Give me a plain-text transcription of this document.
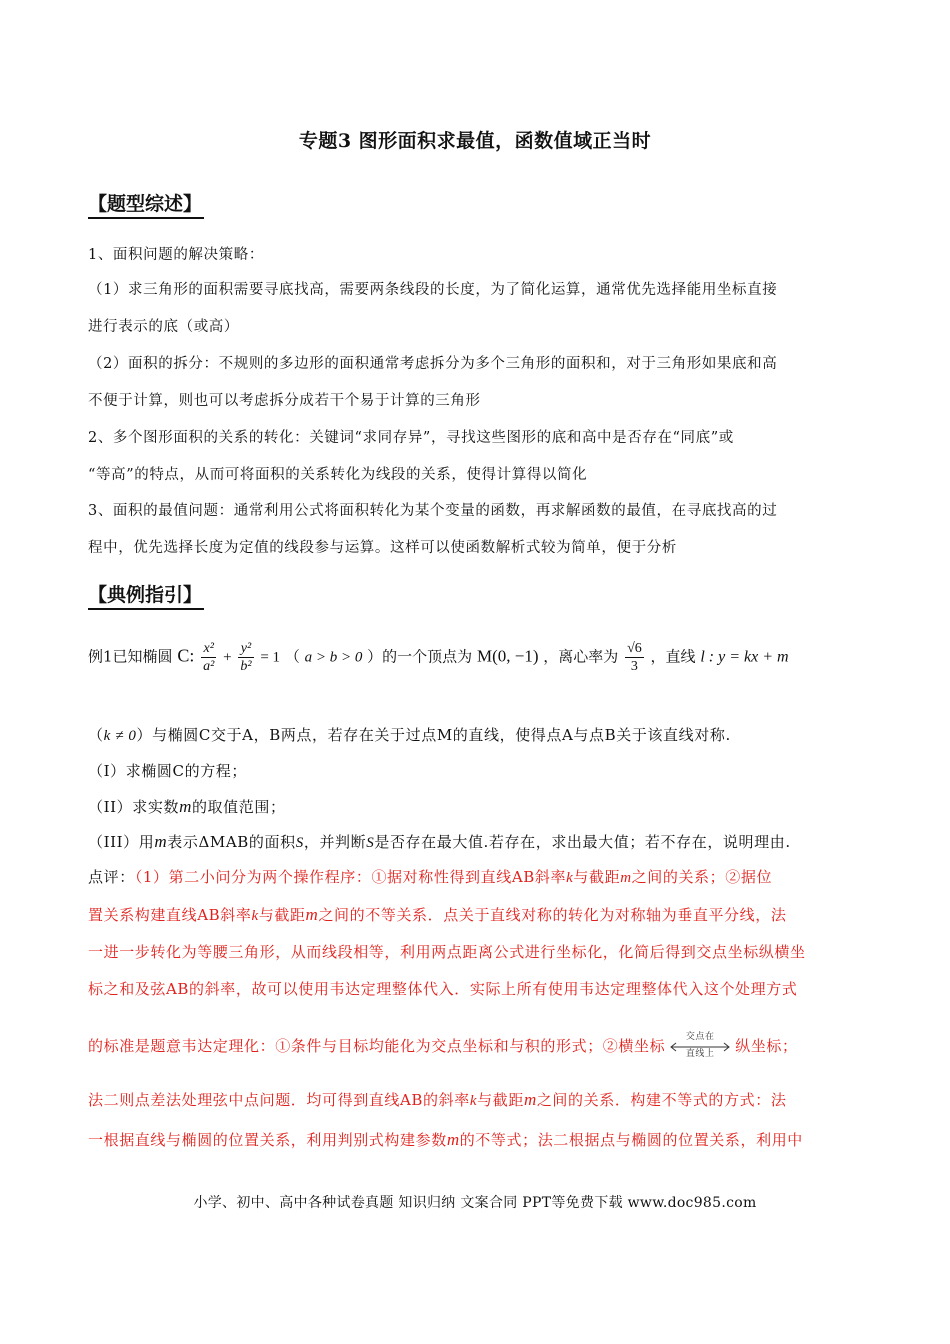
专题3 图形面积求最值，函数值域正当时
【题型综述】
1、面积问题的解决策略：
（1）求三角形的面积需要寻底找高，需要两条线段的长度，为了简化运算，通常优先选择能用坐标直接
进行表示的底（或高）
（2）面积的拆分：不规则的多边形的面积通常考虑拆分为多个三角形的面积和，对于三角形如果底和高
不便于计算，则也可以考虑拆分成若干个易于计算的三角形
2、多个图形面积的关系的转化：关键词“求同存异”，寻找这些图形的底和高中是否存在“同底”或
“等高”的特点，从而可将面积的关系转化为线段的关系，使得计算得以简化
3、面积的最值问题：通常利用公式将面积转化为某个变量的函数，再求解函数的最值，在寻底找高的过
程中，优先选择长度为定值的线段参与运算。这样可以使函数解析式较为简单，便于分析
【典例指引】
例1已知椭圆 C: $\frac{\text{x²}}{\text{a²}} + \frac{\text{y²}}{\text{b²}} = 1$ （ a > b > 0 ）的一个顶点为 M(0, −1) ，离心率为 $\frac{√6}{3}$ ，直线 l : y = kx + m
（k ≠ 0）与椭圆C交于A，B两点，若存在关于过点M的直线，使得点A与点B关于该直线对称.
（I）求椭圆C的方程；
（II）求实数m的取值范围；
（III）用m表示ΔMAB的面积S，并判断S是否存在最大值.若存在，求出最大值；若不存在，说明理由.
点评：（1）第二小问分为两个操作程序：①据对称性得到直线AB斜率k与截距m之间的关系；②据位
置关系构建直线AB斜率k与截距m之间的不等关系．点关于直线对称的转化为对称轴为垂直平分线，法
一进一步转化为等腰三角形，从而线段相等，利用两点距离公式进行坐标化，化简后得到交点坐标纵横坐
标之和及弦AB的斜率，故可以使用韦达定理整体代入．实际上所有使用韦达定理整体代入这个处理方式
的标准是题意韦达定理化：①条件与目标均能化为交点坐标和与积的形式；②横坐标	交点在
直线上	纵坐标；
法二则点差法处理弦中点问题．均可得到直线AB的斜率k与截距m之间的关系．构建不等式的方式：法
一根据直线与椭圆的位置关系，利用判别式构建参数m的不等式；法二根据点与椭圆的位置关系，利用中
小学、初中、高中各种试卷真题 知识归纳 文案合同 PPT等免费下载 www.doc985.com
